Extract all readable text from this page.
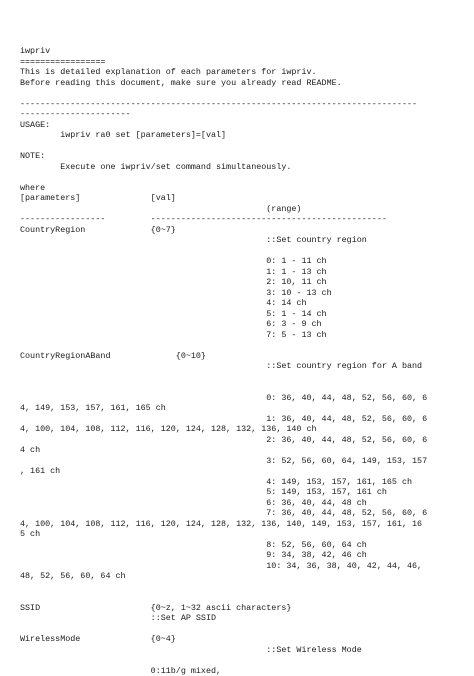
iwpriv
=================
This is detailed explanation of each parameters for iwpriv.
Before reading this document, make sure you already read README.

-------------------------------------------------------------------------------
----------------------
USAGE:
iwpriv ra0 set [parameters]=[val]

NOTE:
Execute one iwpriv/set command simultaneously.

where
[parameters]              [val]
(range)
-----------------         -----------------------------------------------
CountryRegion             {0~7}
::Set country region

0: 1 - 11 ch
1: 1 - 13 ch
2: 10, 11 ch
3: 10 - 13 ch
4: 14 ch
5: 1 - 14 ch
6: 3 - 9 ch
7: 5 - 13 ch

CountryRegionABand             {0~10}
::Set country region for A band

0: 36, 40, 44, 48, 52, 56, 60, 6
4, 149, 153, 157, 161, 165 ch
1: 36, 40, 44, 48, 52, 56, 60, 6
4, 100, 104, 108, 112, 116, 120, 124, 128, 132, 136, 140 ch
2: 36, 40, 44, 48, 52, 56, 60, 6
4 ch
3: 52, 56, 60, 64, 149, 153, 157
, 161 ch
4: 149, 153, 157, 161, 165 ch
5: 149, 153, 157, 161 ch
6: 36, 40, 44, 48 ch
7: 36, 40, 44, 48, 52, 56, 60, 6
4, 100, 104, 108, 112, 116, 120, 124, 128, 132, 136, 140, 149, 153, 157, 161, 16
5 ch
8: 52, 56, 60, 64 ch
9: 34, 38, 42, 46 ch
10: 34, 36, 38, 40, 42, 44, 46,
48, 52, 56, 60, 64 ch

SSID                      {0~z, 1~32 ascii characters}
::Set AP SSID

WirelessMode              {0~4}
::Set Wireless Mode

0:11b/g mixed,
